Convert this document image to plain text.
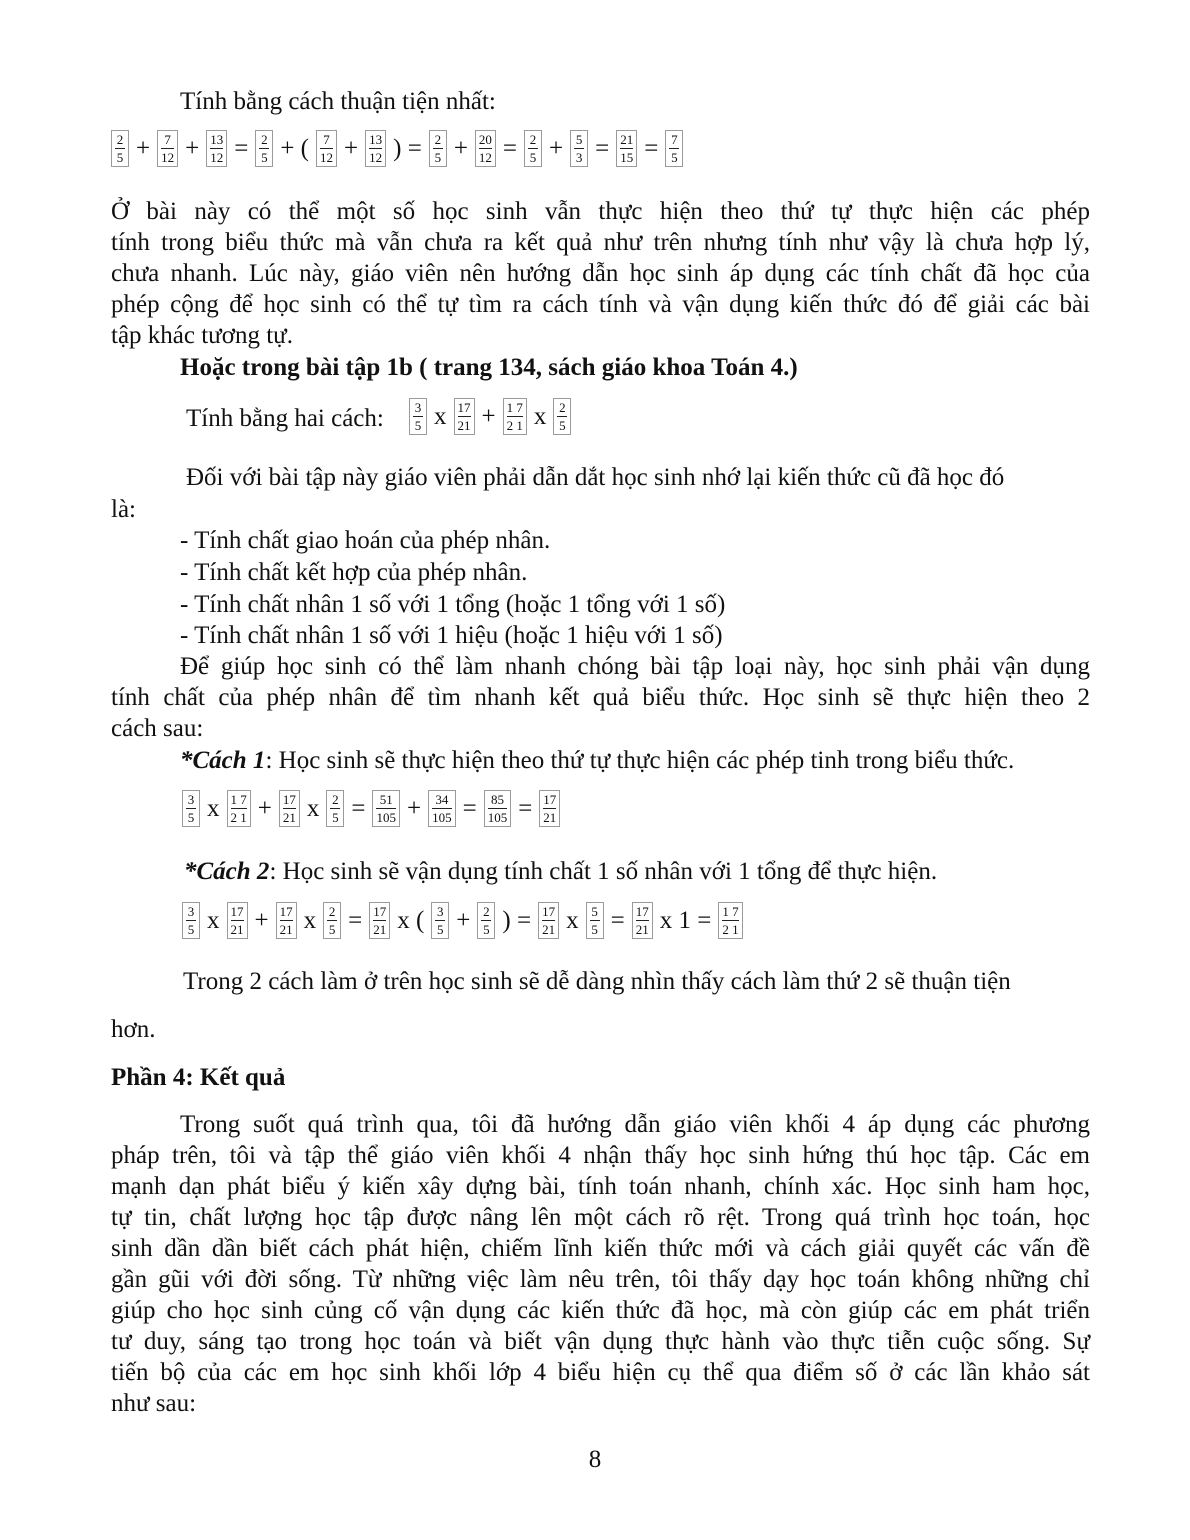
Tính bằng cách thuận tiện nhất:
$\frac{2}{5} + \frac{7}{12} + \frac{13}{12} = \frac{2}{5}$ + ( $\frac{7}{12} + \frac{13}{12}$ ) = $\frac{2}{5} + \frac{20}{12} = \frac{2}{5} + \frac{5}{3} = \frac{21}{15} = \frac{7}{5}$
Ở bài này có thể một số học sinh vẫn thực hiện theo thứ tự thực hiện các phép
tính trong biểu thức mà vẫn chưa ra kết quả như trên nhưng tính như vậy là chưa hợp lý,
chưa nhanh. Lúc này, giáo viên nên hướng dẫn học sinh áp dụng các tính chất đã học của
phép cộng để học sinh có thể tự tìm ra cách tính và vận dụng kiến thức đó để giải các bài
tập khác tương tự.
Hoặc trong bài tập 1b ( trang 134, sách giáo khoa Toán 4.)
Tính bằng hai cách: $\frac{3}{5}$ x $\frac{17}{21} + \frac{1 7}{2 1}$ x $\frac{2}{5}$
Đối với bài tập này giáo viên phải dẫn dắt học sinh nhớ lại kiến thức cũ đã học đó
là:
- Tính chất giao hoán của phép nhân.
- Tính chất kết hợp của phép nhân.
- Tính chất nhân 1 số với 1 tổng (hoặc 1 tổng với 1 số)
- Tính chất nhân 1 số với 1 hiệu (hoặc 1 hiệu với 1 số)
Để giúp học sinh có thể làm nhanh chóng bài tập loại này, học sinh phải vận dụng
tính chất của phép nhân để tìm nhanh kết quả biểu thức. Học sinh sẽ thực hiện theo 2
cách sau:
*Cách 1: Học sinh sẽ thực hiện theo thứ tự thực hiện các phép tinh trong biểu thức.
$\frac{3}{5}$ x $\frac{1 7}{2 1} + \frac{17}{21}$ x $\frac{2}{5} = \frac{51}{105} + \frac{34}{105} = \frac{85}{105} = \frac{17}{21}$
*Cách 2: Học sinh sẽ vận dụng tính chất 1 số nhân với 1 tổng để thực hiện.
$\frac{3}{5}$ x $\frac{17}{21} + \frac{17}{21}$ x $\frac{2}{5} = \frac{17}{21}$ x ( $\frac{3}{5} + \frac{2}{5}$ ) = $\frac{17}{21}$ x $\frac{5}{5} = \frac{17}{21}$ x $1 = \frac{1 7}{2 1}$
Trong 2 cách làm ở trên học sinh sẽ dễ dàng nhìn thấy cách làm thứ 2 sẽ thuận tiện
hơn.
Phần 4: Kết quả
Trong suốt quá trình qua, tôi đã hướng dẫn giáo viên khối 4 áp dụng các phương
pháp trên, tôi và tập thể giáo viên khối 4 nhận thấy học sinh hứng thú học tập. Các em
mạnh dạn phát biểu ý kiến xây dựng bài, tính toán nhanh, chính xác. Học sinh ham học,
tự tin, chất lượng học tập được nâng lên một cách rõ rệt. Trong quá trình học toán, học
sinh dần dần biết cách phát hiện, chiếm lĩnh kiến thức mới và cách giải quyết các vấn đề
gần gũi với đời sống. Từ những việc làm nêu trên, tôi thấy dạy học toán không những chỉ
giúp cho học sinh củng cố vận dụng các kiến thức đã học, mà còn giúp các em phát triển
tư duy, sáng tạo trong học toán và biết vận dụng thực hành vào thực tiễn cuộc sống. Sự
tiến bộ của các em học sinh khối lớp 4 biểu hiện cụ thể qua điểm số ở các lần khảo sát
như sau:
8
